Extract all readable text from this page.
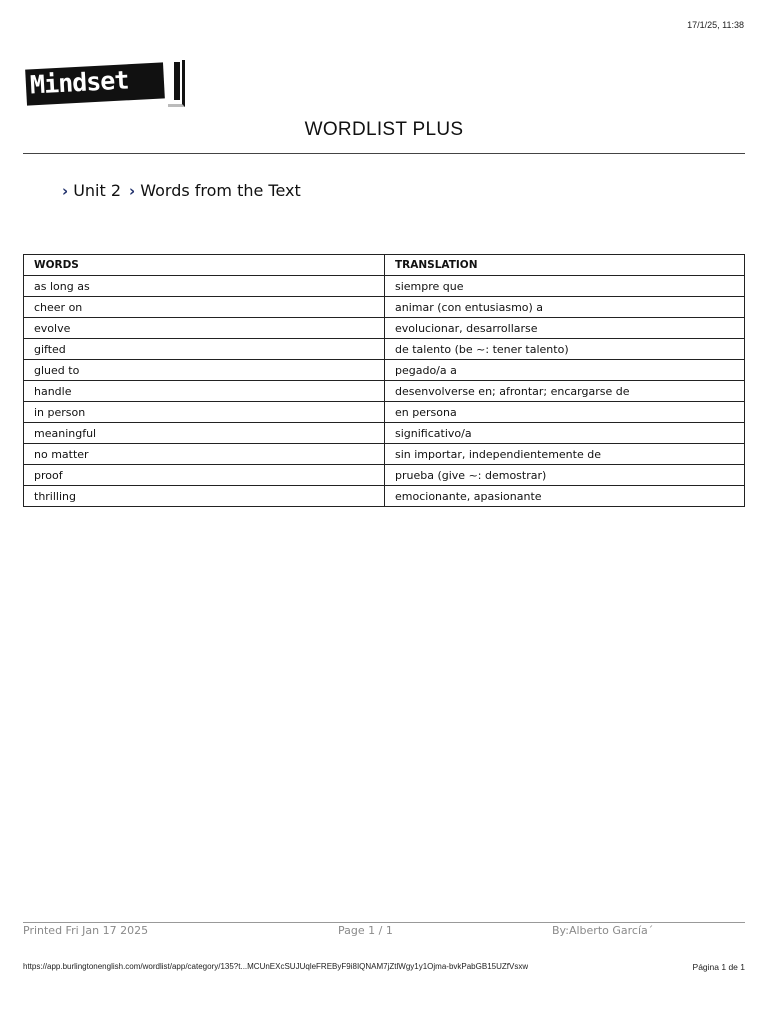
17/1/25, 11:38
Mindset
WORDLIST PLUS
› Unit 2 › Words from the Text
WORDS	TRANSLATION
as long as	siempre que
cheer on	animar (con entusiasmo) a
evolve	evolucionar, desarrollarse
gifted	de talento (be ~: tener talento)
glued to	pegado/a a
handle	desenvolverse en; afrontar; encargarse de
in person	en persona
meaningful	significativo/a
no matter	sin importar, independientemente de
proof	prueba (give ~: demostrar)
thrilling	emocionante, apasionante
Printed Fri Jan 17 2025	Page 1 / 1	By:Alberto García´
https://app.burlingtonenglish.com/wordlist/app/category/135?t...MCUnEXcSUJUqleFREByF9i8IQNAM7jZtlWgy1y1Ojma-bvkPabGB15UZfVsxw	Página 1 de 1
